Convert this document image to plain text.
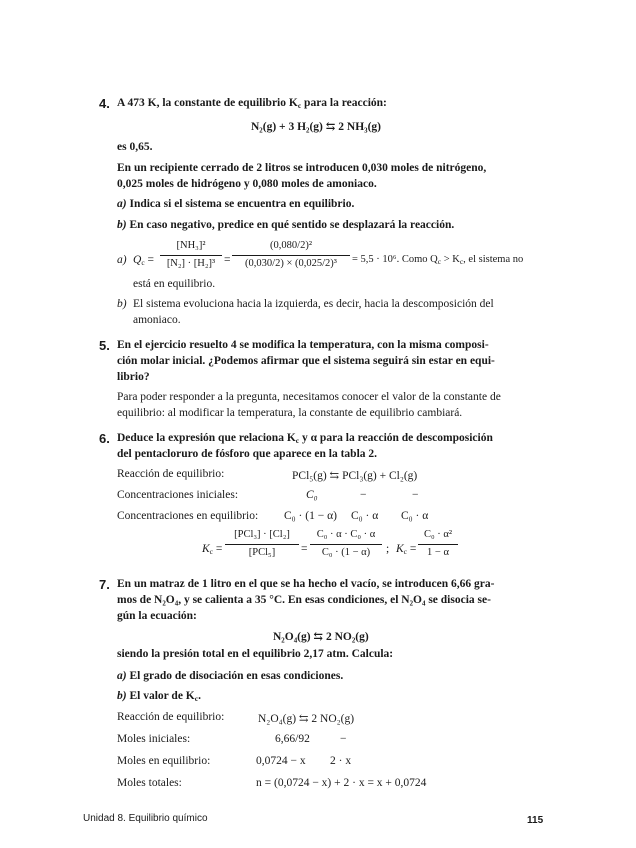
4. A 473 K, la constante de equilibrio $K_c$ para la reacción:
N₂(g) + 3 H₂(g) ⇆ 2 NH₃(g)
es 0,65.
En un recipiente cerrado de 2 litros se introducen 0,030 moles de nitrógeno,
0,025 moles de hidrógeno y 0,080 moles de amoniaco.
a) Indica si el sistema se encuentra en equilibrio.
b) En caso negativo, predice en qué sentido se desplazará la reacción.
a) $Q_c$ =
[NH₃]²
[N₂] · [H₂]³ =
(0,080/2)²
(0,030/2) × (0,025/2)³	= 5,5 · 10⁶. Como $Q_c > K_c$, el sistema no
está en equilibrio.
b) El sistema evoluciona hacia la izquierda, es decir, hacia la descomposición del
amoniaco.
5. En el ejercicio resuelto 4 se modifica la temperatura, con la misma composi-
ción molar inicial. ¿Podemos afirmar que el sistema seguirá sin estar en equi-
librio?
Para poder responder a la pregunta, necesitamos conocer el valor de la constante de
equilibrio: al modificar la temperatura, la constante de equilibrio cambiará.
6. Deduce la expresión que relaciona $K_c$ y α para la reacción de descomposición
del pentacloruro de fósforo que aparece en la tabla 2.
Reacción de equilibrio:	PCl₅(g) ⇆ PCl₃(g) + Cl₂(g)
Concentraciones iniciales:	C₀	−	−
Concentraciones en equilibrio: C₀ · (1 − α) C₀ · α C₀ · α
$K_c$ =
[PCl₃] · [Cl₂]
[PCl₅]	=
C₀ · α · C₀ · α
C₀ · (1 − α)	; $K_c$ =
C₀ · α²
1 − α
7. En un matraz de 1 litro en el que se ha hecho el vacío, se introducen 6,66 gra-
mos de N₂O₄, y se calienta a 35 °C. En esas condiciones, el N₂O₄ se disocia se-
gún la ecuación:
N₂O₄(g) ⇆ 2 NO₂(g)
siendo la presión total en el equilibrio 2,17 atm. Calcula:
a) El grado de disociación en esas condiciones.
b) El valor de $K_c$.
Reacción de equilibrio:	N₂O₄(g) ⇆ 2 NO₂(g)
Moles iniciales:	6,66/92	−
Moles en equilibrio:	0,0724 − x 2 · x
Moles totales:	n = (0,0724 − x) + 2 · x = x + 0,0724
Unidad 8. Equilibrio químico	115
